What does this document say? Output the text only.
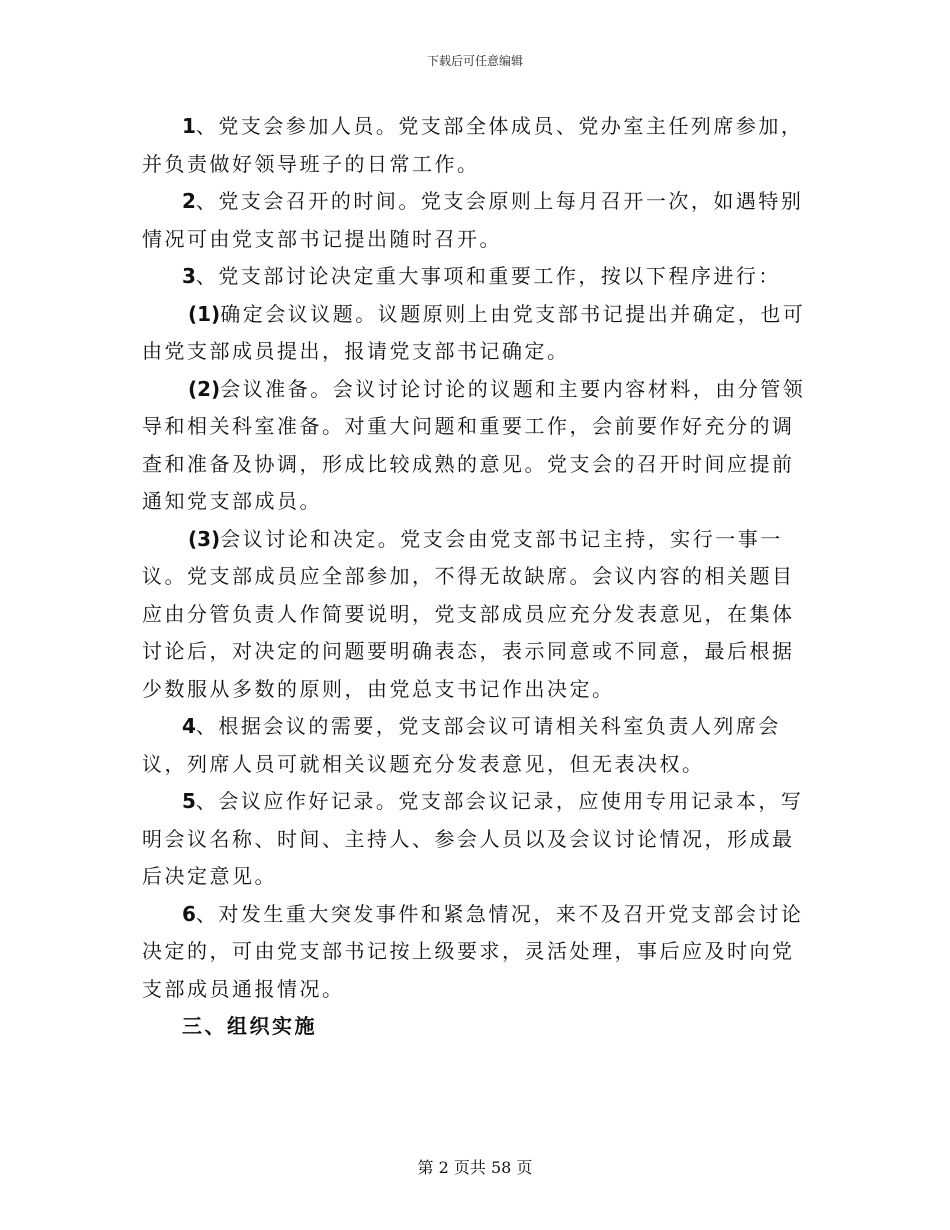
下载后可任意编辑

1、党支会参加人员。党支部全体成员、党办室主任列席参加，并负责做好领导班子的日常工作。

2、党支会召开的时间。党支会原则上每月召开一次，如遇特别情况可由党支部书记提出随时召开。

3、党支部讨论决定重大事项和重要工作，按以下程序进行：

(1)确定会议议题。议题原则上由党支部书记提出并确定，也可由党支部成员提出，报请党支部书记确定。

(2)会议准备。会议讨论讨论的议题和主要内容材料，由分管领导和相关科室准备。对重大问题和重要工作，会前要作好充分的调查和准备及协调，形成比较成熟的意见。党支会的召开时间应提前通知党支部成员。

(3)会议讨论和决定。党支会由党支部书记主持，实行一事一议。党支部成员应全部参加，不得无故缺席。会议内容的相关题目应由分管负责人作简要说明，党支部成员应充分发表意见，在集体讨论后，对决定的问题要明确表态，表示同意或不同意，最后根据少数服从多数的原则，由党总支书记作出决定。

4、根据会议的需要，党支部会议可请相关科室负责人列席会议，列席人员可就相关议题充分发表意见，但无表决权。

5、会议应作好记录。党支部会议记录，应使用专用记录本，写明会议名称、时间、主持人、参会人员以及会议讨论情况，形成最后决定意见。

6、对发生重大突发事件和紧急情况，来不及召开党支部会讨论决定的，可由党支部书记按上级要求，灵活处理，事后应及时向党支部成员通报情况。

三、组织实施

第 2 页共 58 页
